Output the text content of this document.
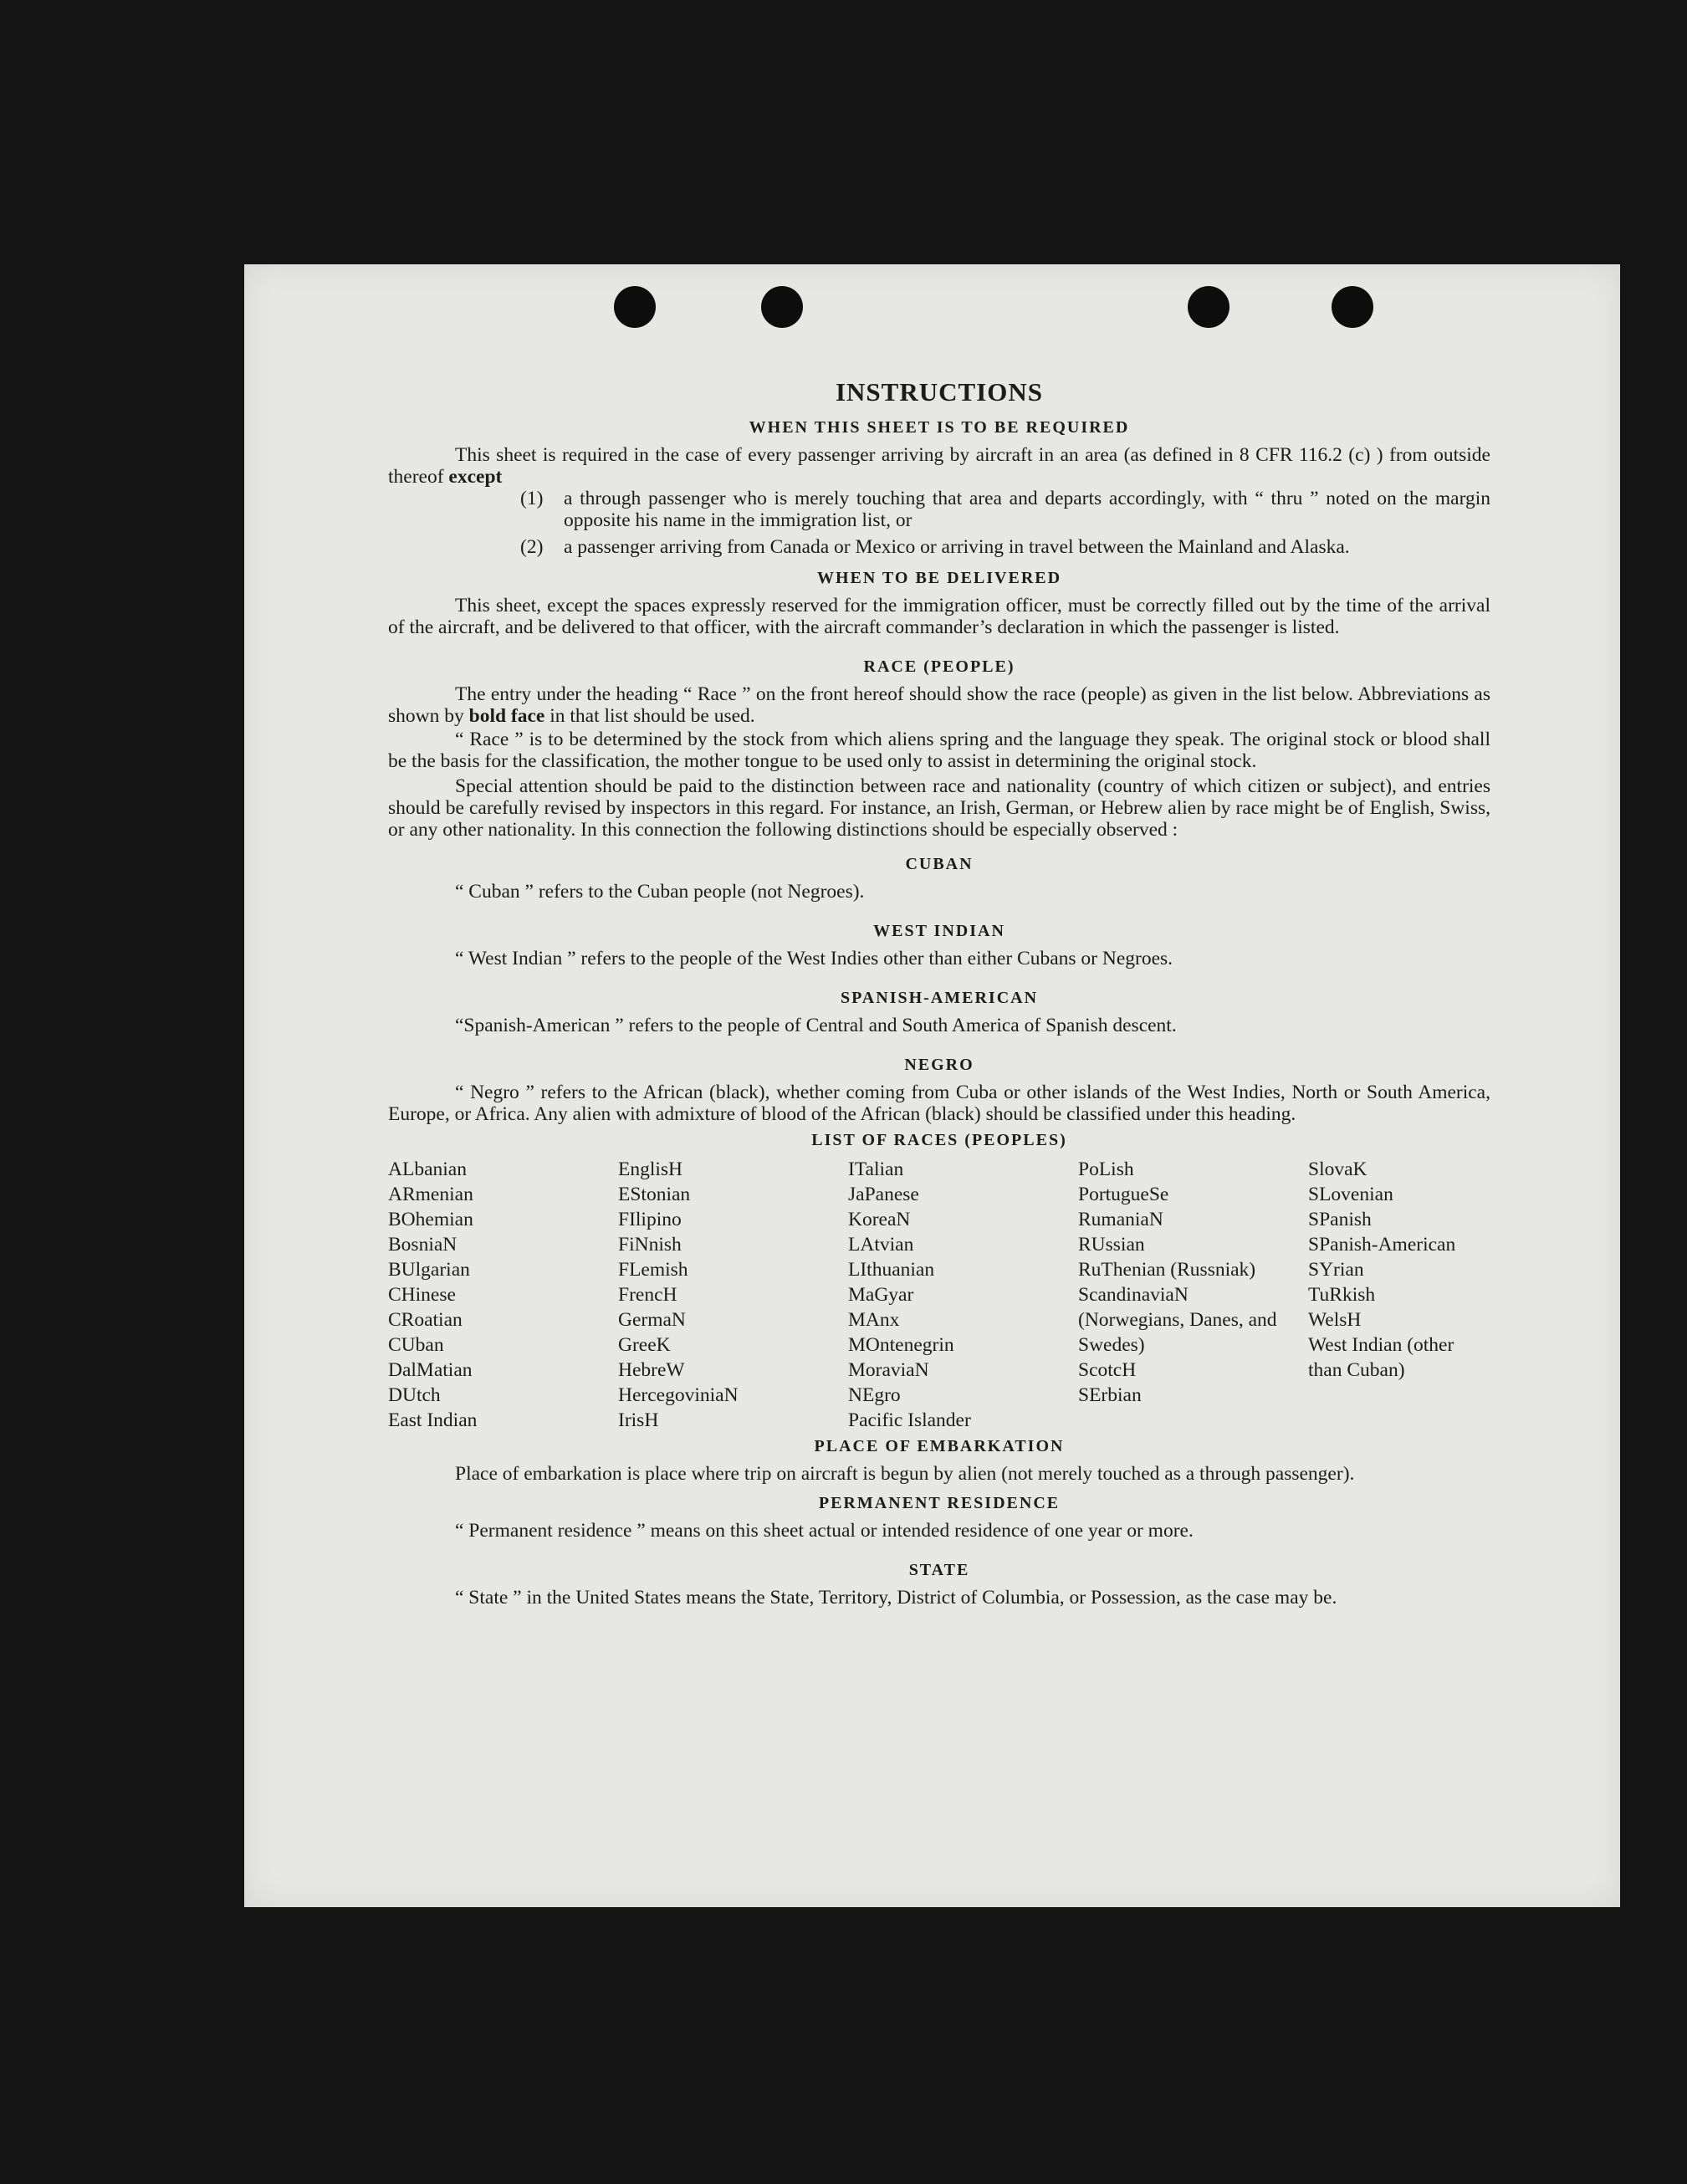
INSTRUCTIONS
WHEN THIS SHEET IS TO BE REQUIRED

This sheet is required in the case of every passenger arriving by aircraft in an area (as defined in 8 CFR 116.2 (c) ) from outside thereof except

(1)	a through passenger who is merely touching that area and departs accordingly, with “ thru ” noted on the margin opposite his name in the immigration list, or
(2)	a passenger arriving from Canada or Mexico or arriving in travel between the Mainland and Alaska.
WHEN TO BE DELIVERED

This sheet, except the spaces expressly reserved for the immigration officer, must be correctly filled out by the time of the arrival of the aircraft, and be delivered to that officer, with the aircraft commander’s declaration in which the passenger is listed.

RACE (PEOPLE)

The entry under the heading “ Race ” on the front hereof should show the race (people) as given in the list below. Abbreviations as shown by bold face in that list should be used.

“ Race ” is to be determined by the stock from which aliens spring and the language they speak. The original stock or blood shall be the basis for the classification, the mother tongue to be used only to assist in determining the original stock.

Special attention should be paid to the distinction between race and nationality (country of which citizen or subject), and entries should be carefully revised by inspectors in this regard. For instance, an Irish, German, or Hebrew alien by race might be of English, Swiss, or any other nationality. In this connection the following distinctions should be especially observed :

CUBAN

“ Cuban ” refers to the Cuban people (not Negroes).

WEST INDIAN

“ West Indian ” refers to the people of the West Indies other than either Cubans or Negroes.

SPANISH-AMERICAN

“Spanish-American ” refers to the people of Central and South America of Spanish descent.

NEGRO

“ Negro ” refers to the African (black), whether coming from Cuba or other islands of the West Indies, North or South America, Europe, or Africa. Any alien with admixture of blood of the African (black) should be classified under this heading.

LIST OF RACES (PEOPLES)
ALbanian
ARmenian
BOhemian
BosniaN
BUlgarian
CHinese
CRoatian
CUban
DalMatian
DUtch
East Indian
EnglisH
EStonian
FIlipino
FiNnish
FLemish
FrencH
GermaN
GreeK
HebreW
HercegoviniaN
IrisH
ITalian
JaPanese
KoreaN
LAtvian
LIthuanian
MaGyar
MAnx
MOntenegrin
MoraviaN
NEgro
Pacific Islander
PoLish
PortugueSe
RumaniaN
RUssian
RuThenian (Russniak)
ScandinaviaN (Norwegians, Danes, and Swedes)
ScotcH
SErbian
SlovaK
SLovenian
SPanish
SPanish-American
SYrian
TuRkish
WelsH
West Indian (other than Cuban)
PLACE OF EMBARKATION

Place of embarkation is place where trip on aircraft is begun by alien (not merely touched as a through passenger).

PERMANENT RESIDENCE

“ Permanent residence ” means on this sheet actual or intended residence of one year or more.

STATE

“ State ” in the United States means the State, Territory, District of Columbia, or Possession, as the case may be.
